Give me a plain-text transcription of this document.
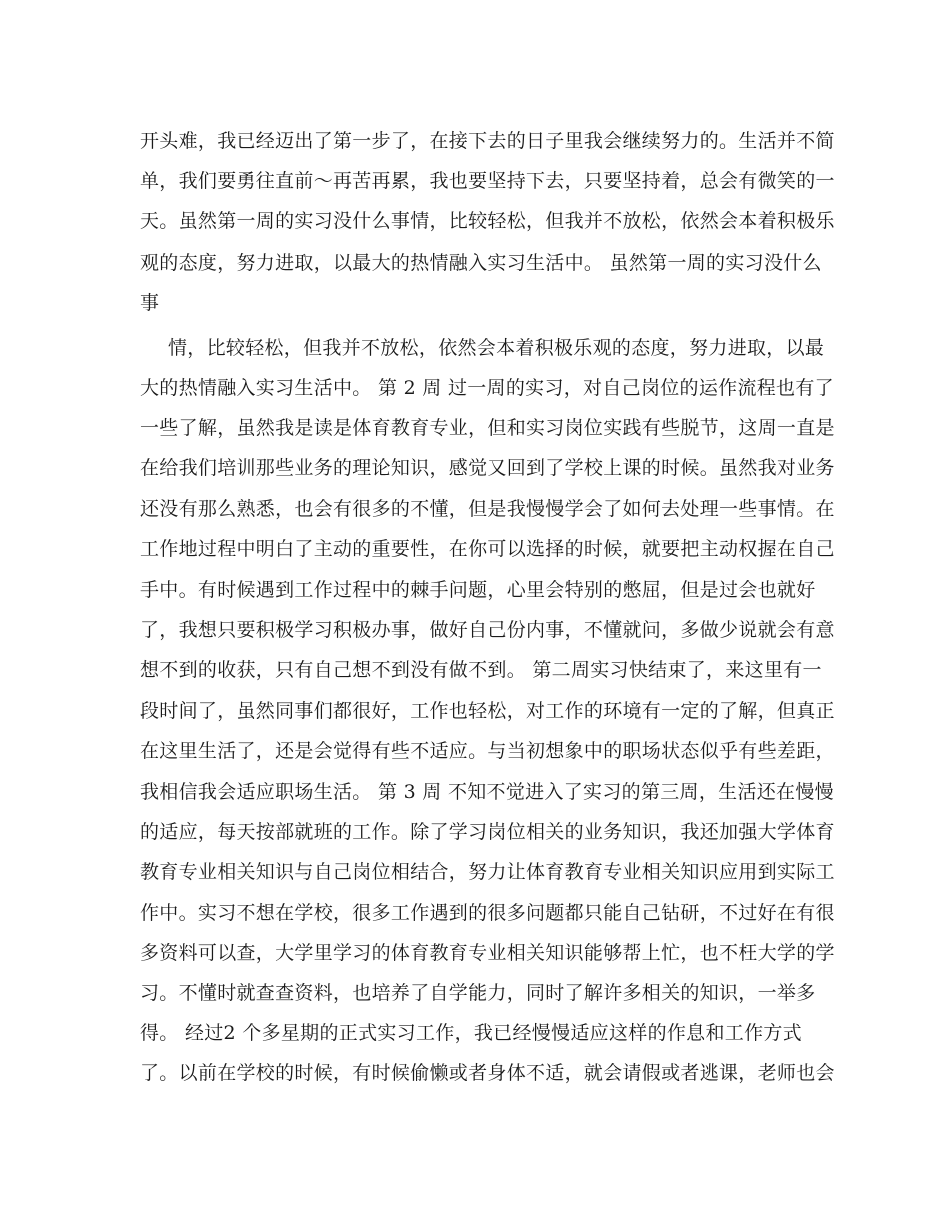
开头难，我已经迈出了第一步了，在接下去的日子里我会继续努力的。生活并不简

单，我们要勇往直前～再苦再累，我也要坚持下去，只要坚持着，总会有微笑的一

天。虽然第一周的实习没什么事情，比较轻松，但我并不放松，依然会本着积极乐

观的态度，努力进取，以最大的热情融入实习生活中。 虽然第一周的实习没什么

事

情，比较轻松，但我并不放松，依然会本着积极乐观的态度，努力进取，以最

大的热情融入实习生活中。 第 2 周 过一周的实习，对自己岗位的运作流程也有了

一些了解，虽然我是读是体育教育专业，但和实习岗位实践有些脱节，这周一直是

在给我们培训那些业务的理论知识，感觉又回到了学校上课的时候。虽然我对业务

还没有那么熟悉，也会有很多的不懂，但是我慢慢学会了如何去处理一些事情。在

工作地过程中明白了主动的重要性，在你可以选择的时候，就要把主动权握在自己

手中。有时候遇到工作过程中的棘手问题，心里会特别的憋屈，但是过会也就好

了，我想只要积极学习积极办事，做好自己份内事，不懂就问，多做少说就会有意

想不到的收获，只有自己想不到没有做不到。 第二周实习快结束了，来这里有一

段时间了，虽然同事们都很好，工作也轻松，对工作的环境有一定的了解，但真正

在这里生活了，还是会觉得有些不适应。与当初想象中的职场状态似乎有些差距，

我相信我会适应职场生活。 第 3 周 不知不觉进入了实习的第三周，生活还在慢慢

的适应，每天按部就班的工作。除了学习岗位相关的业务知识，我还加强大学体育

教育专业相关知识与自己岗位相结合，努力让体育教育专业相关知识应用到实际工

作中。实习不想在学校，很多工作遇到的很多问题都只能自己钻研，不过好在有很

多资料可以查，大学里学习的体育教育专业相关知识能够帮上忙，也不枉大学的学

习。不懂时就查查资料，也培养了自学能力，同时了解许多相关的知识，一举多

得。 经过2 个多星期的正式实习工作，我已经慢慢适应这样的作息和工作方式

了。以前在学校的时候，有时候偷懒或者身体不适，就会请假或者逃课，老师也会
